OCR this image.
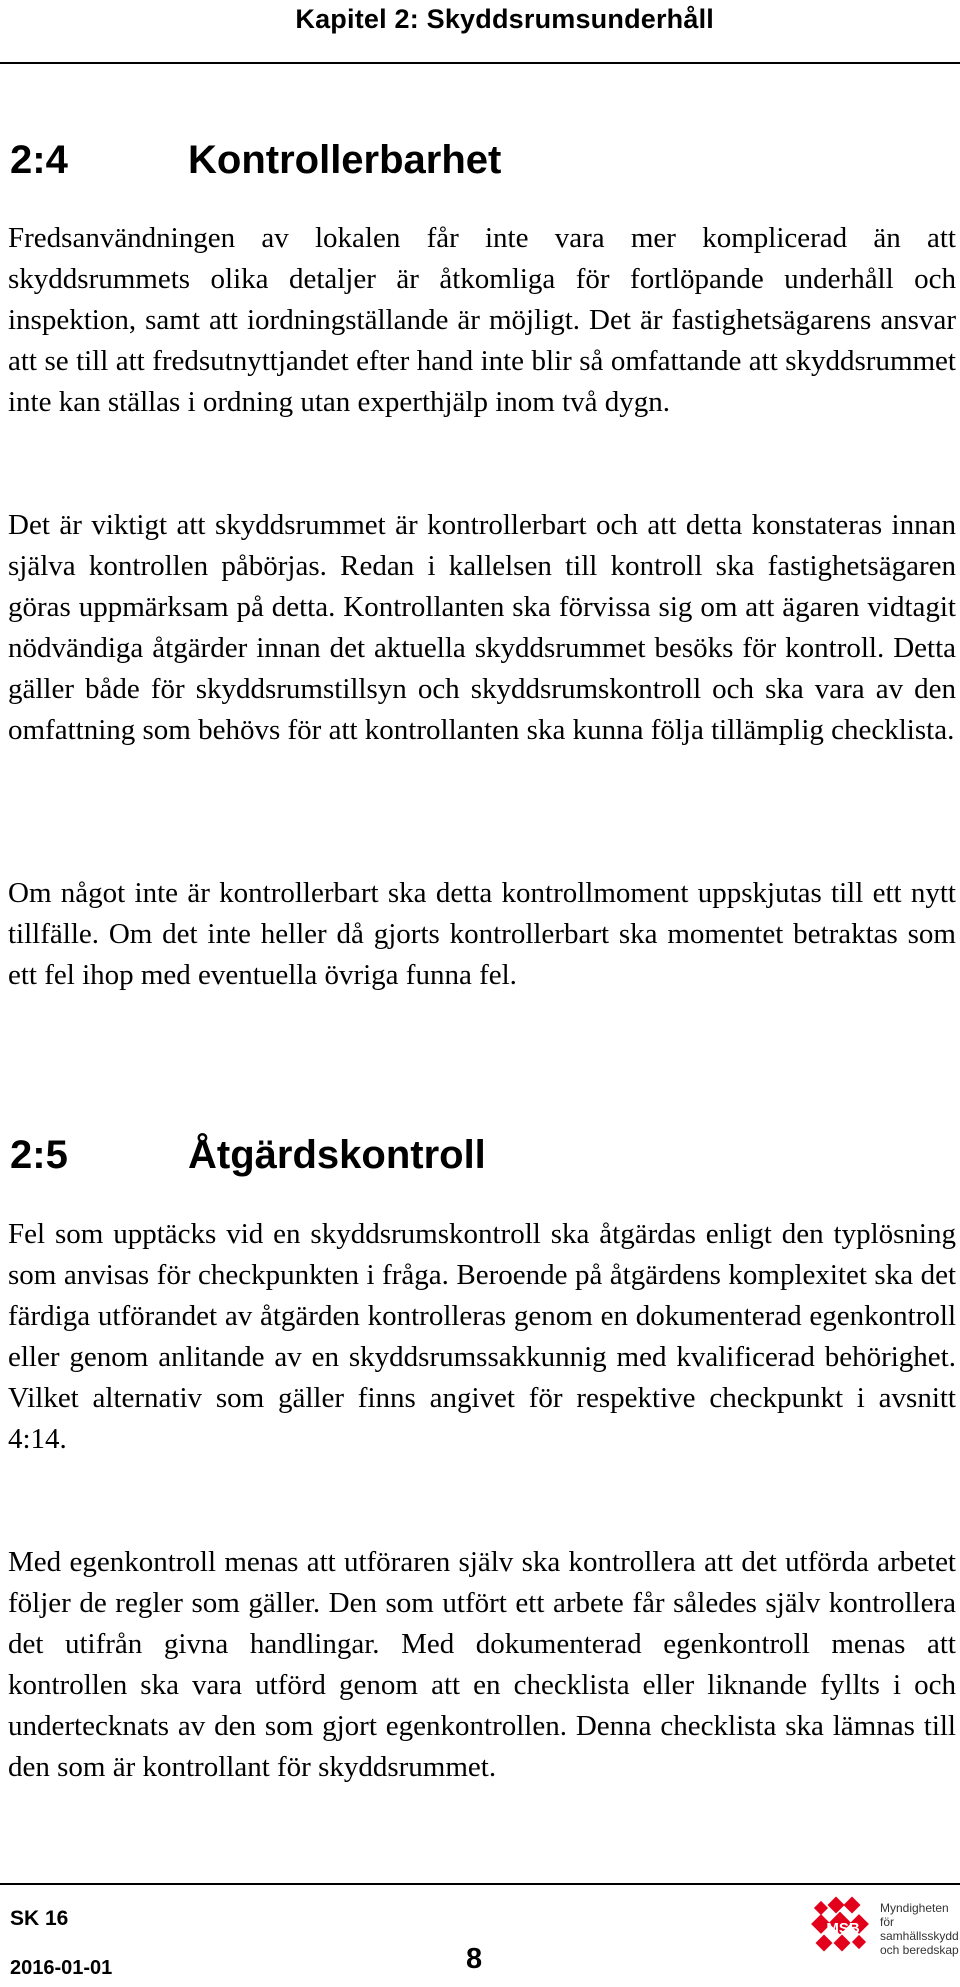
Kapitel 2: Skyddsrumsunderhåll
2:4	Kontrollerbarhet

Fredsanvändningen av lokalen får inte vara mer komplicerad än att skyddsrummets olika detaljer är åtkomliga för fortlöpande underhåll och inspektion, samt att iordningställande är möjligt. Det är fastighetsägarens ansvar att se till att fredsutnyttjandet efter hand inte blir så omfattande att skyddsrummet inte kan ställas i ordning utan experthjälp inom två dygn.

Det är viktigt att skyddsrummet är kontrollerbart och att detta konstateras innan själva kontrollen påbörjas. Redan i kallelsen till kontroll ska fastighetsägaren göras uppmärksam på detta. Kontrollanten ska förvissa sig om att ägaren vidtagit nödvändiga åtgärder innan det aktuella skyddsrummet besöks för kontroll. Detta gäller både för skyddsrumstillsyn och skyddsrumskontroll och ska vara av den omfattning som behövs för att kontrollanten ska kunna följa tillämplig checklista.

Om något inte är kontrollerbart ska detta kontrollmoment uppskjutas till ett nytt tillfälle. Om det inte heller då gjorts kontrollerbart ska momentet betraktas som ett fel ihop med eventuella övriga funna fel.

2:5	Åtgärdskontroll

Fel som upptäcks vid en skyddsrumskontroll ska åtgärdas enligt den typlösning som anvisas för checkpunkten i fråga. Beroende på åtgärdens komplexitet ska det färdiga utförandet av åtgärden kontrolleras genom en dokumenterad egenkontroll eller genom anlitande av en skyddsrumssakkunnig med kvalificerad behörighet. Vilket alternativ som gäller finns angivet för respektive checkpunkt i avsnitt 4:14.

Med egenkontroll menas att utföraren själv ska kontrollera att det utförda arbetet följer de regler som gäller. Den som utfört ett arbete får således själv kontrollera det utifrån givna handlingar. Med dokumenterad egenkontroll menas att kontrollen ska vara utförd genom att en checklista eller liknande fyllts i och undertecknats av den som gjort egenkontrollen. Denna checklista ska lämnas till den som är kontrollant för skyddsrummet.

SK 16
2016-01-01	8
MSB
Myndigheten för samhällsskydd och beredskap
